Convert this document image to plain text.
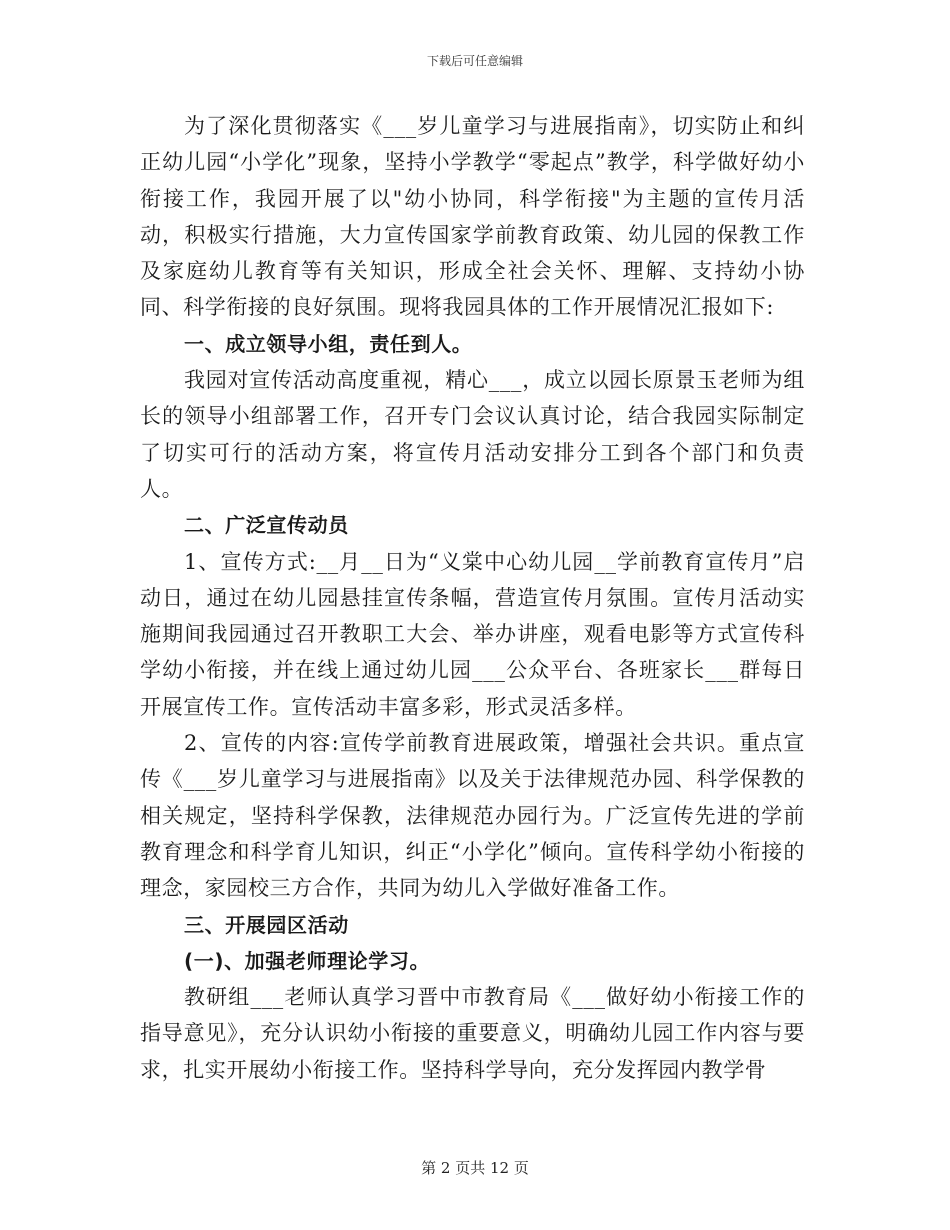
下载后可任意编辑

为了深化贯彻落实《___岁儿童学习与进展指南》，切实防止和纠正幼儿园“小学化”现象，坚持小学教学“零起点”教学，科学做好幼小衔接工作，我园开展了以"幼小协同，科学衔接"为主题的宣传月活动，积极实行措施，大力宣传国家学前教育政策、幼儿园的保教工作及家庭幼儿教育等有关知识，形成全社会关怀、理解、支持幼小协同、科学衔接的良好氛围。现将我园具体的工作开展情况汇报如下:

一、成立领导小组，责任到人。

我园对宣传活动高度重视，精心___，成立以园长原景玉老师为组长的领导小组部署工作，召开专门会议认真讨论，结合我园实际制定了切实可行的活动方案，将宣传月活动安排分工到各个部门和负责人。

二、广泛宣传动员

1、宣传方式:__月__日为“义棠中心幼儿园__学前教育宣传月”启动日，通过在幼儿园悬挂宣传条幅，营造宣传月氛围。宣传月活动实施期间我园通过召开教职工大会、举办讲座，观看电影等方式宣传科学幼小衔接，并在线上通过幼儿园___公众平台、各班家长___群每日开展宣传工作。宣传活动丰富多彩，形式灵活多样。

2、宣传的内容:宣传学前教育进展政策，增强社会共识。重点宣传《___岁儿童学习与进展指南》以及关于法律规范办园、科学保教的相关规定，坚持科学保教，法律规范办园行为。广泛宣传先进的学前教育理念和科学育儿知识，纠正“小学化”倾向。宣传科学幼小衔接的理念，家园校三方合作，共同为幼儿入学做好准备工作。

三、开展园区活动

(一)、加强老师理论学习。

教研组___老师认真学习晋中市教育局《___做好幼小衔接工作的指导意见》，充分认识幼小衔接的重要意义，明确幼儿园工作内容与要求，扎实开展幼小衔接工作。坚持科学导向，充分发挥园内教学骨

第 2 页共 12 页
